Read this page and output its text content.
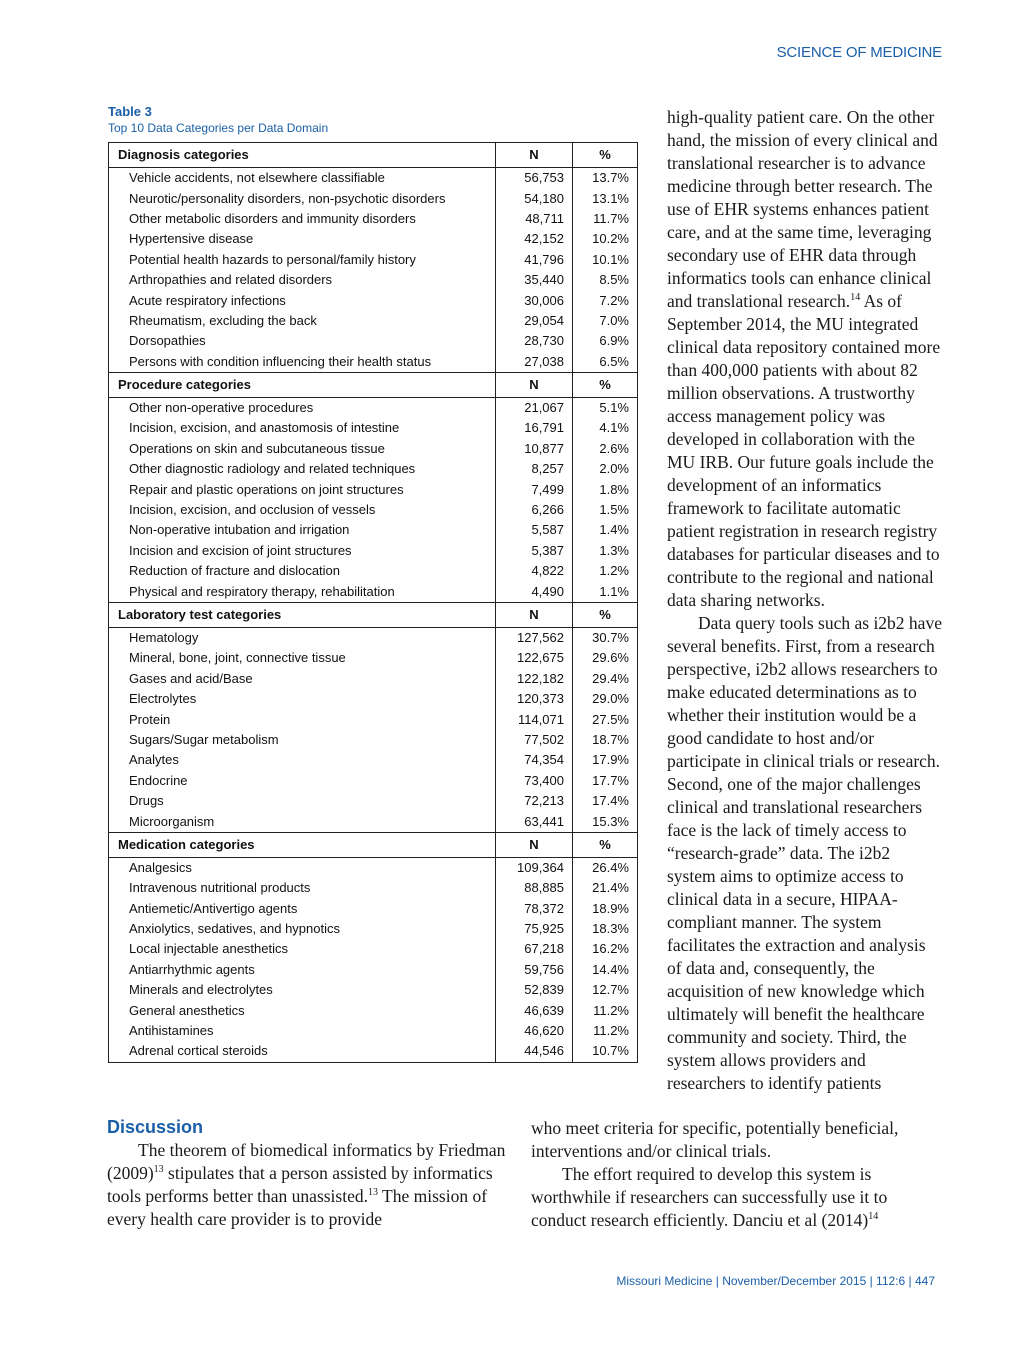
SCIENCE OF MEDICINE
Table 3
Top 10 Data Categories per Data Domain
Diagnosis categories	N	%
Vehicle accidents, not elsewhere classifiable	56,753	13.7%
Neurotic/personality disorders, non-psychotic disorders	54,180	13.1%
Other metabolic disorders and immunity disorders	48,711	11.7%
Hypertensive disease	42,152	10.2%
Potential health hazards to personal/family history	41,796	10.1%
Arthropathies and related disorders	35,440	8.5%
Acute respiratory infections	30,006	7.2%
Rheumatism, excluding the back	29,054	7.0%
Dorsopathies	28,730	6.9%
Persons with condition influencing their health status	27,038	6.5%
Procedure categories	N	%
Other non-operative procedures	21,067	5.1%
Incision, excision, and anastomosis of intestine	16,791	4.1%
Operations on skin and subcutaneous tissue	10,877	2.6%
Other diagnostic radiology and related techniques	8,257	2.0%
Repair and plastic operations on joint structures	7,499	1.8%
Incision, excision, and occlusion of vessels	6,266	1.5%
Non-operative intubation and irrigation	5,587	1.4%
Incision and excision of joint structures	5,387	1.3%
Reduction of fracture and dislocation	4,822	1.2%
Physical and respiratory therapy, rehabilitation	4,490	1.1%
Laboratory test categories	N	%
Hematology	127,562	30.7%
Mineral, bone, joint, connective tissue	122,675	29.6%
Gases and acid/Base	122,182	29.4%
Electrolytes	120,373	29.0%
Protein	114,071	27.5%
Sugars/Sugar metabolism	77,502	18.7%
Analytes	74,354	17.9%
Endocrine	73,400	17.7%
Drugs	72,213	17.4%
Microorganism	63,441	15.3%
Medication categories	N	%
Analgesics	109,364	26.4%
Intravenous nutritional products	88,885	21.4%
Antiemetic/Antivertigo agents	78,372	18.9%
Anxiolytics, sedatives, and hypnotics	75,925	18.3%
Local injectable anesthetics	67,218	16.2%
Antiarrhythmic agents	59,756	14.4%
Minerals and electrolytes	52,839	12.7%
General anesthetics	46,639	11.2%
Antihistamines	46,620	11.2%
Adrenal cortical steroids	44,546	10.7%

high-quality patient care. On the other hand, the mission of every clinical and translational researcher is to advance medicine through better research. The use of EHR systems enhances patient care, and at the same time, leveraging secondary use of EHR data through informatics tools can enhance clinical and translational research.$^{14}$ As of September 2014, the MU integrated clinical data repository contained more than 400,000 patients with about 82 million observations. A trustworthy access management policy was developed in collaboration with the MU IRB. Our future goals include the development of an informatics framework to facilitate automatic patient registration in research registry databases for particular diseases and to contribute to the regional and national data sharing networks.

Data query tools such as i2b2 have several benefits. First, from a research perspective, i2b2 allows researchers to make educated determinations as to whether their institution would be a good candidate to host and/or participate in clinical trials or research. Second, one of the major challenges clinical and translational researchers face is the lack of timely access to “research-grade” data. The i2b2 system aims to optimize access to clinical data in a secure, HIPAA-compliant manner. The system facilitates the extraction and analysis of data and, consequently, the acquisition of new knowledge which ultimately will benefit the healthcare community and society. Third, the system allows providers and researchers to identify patients

Discussion

The theorem of biomedical informatics by Friedman $(2009)^{13}$ stipulates that a person assisted by informatics tools performs better than unassisted.$^{13}$ The mission of every health care provider is to provide

who meet criteria for specific, potentially beneficial, interventions and/or clinical trials.

The effort required to develop this system is worthwhile if researchers can successfully use it to conduct research efficiently. Danciu et al $(2014)^{14}$

Missouri Medicine | November/December 2015 | 112:6 | 447
